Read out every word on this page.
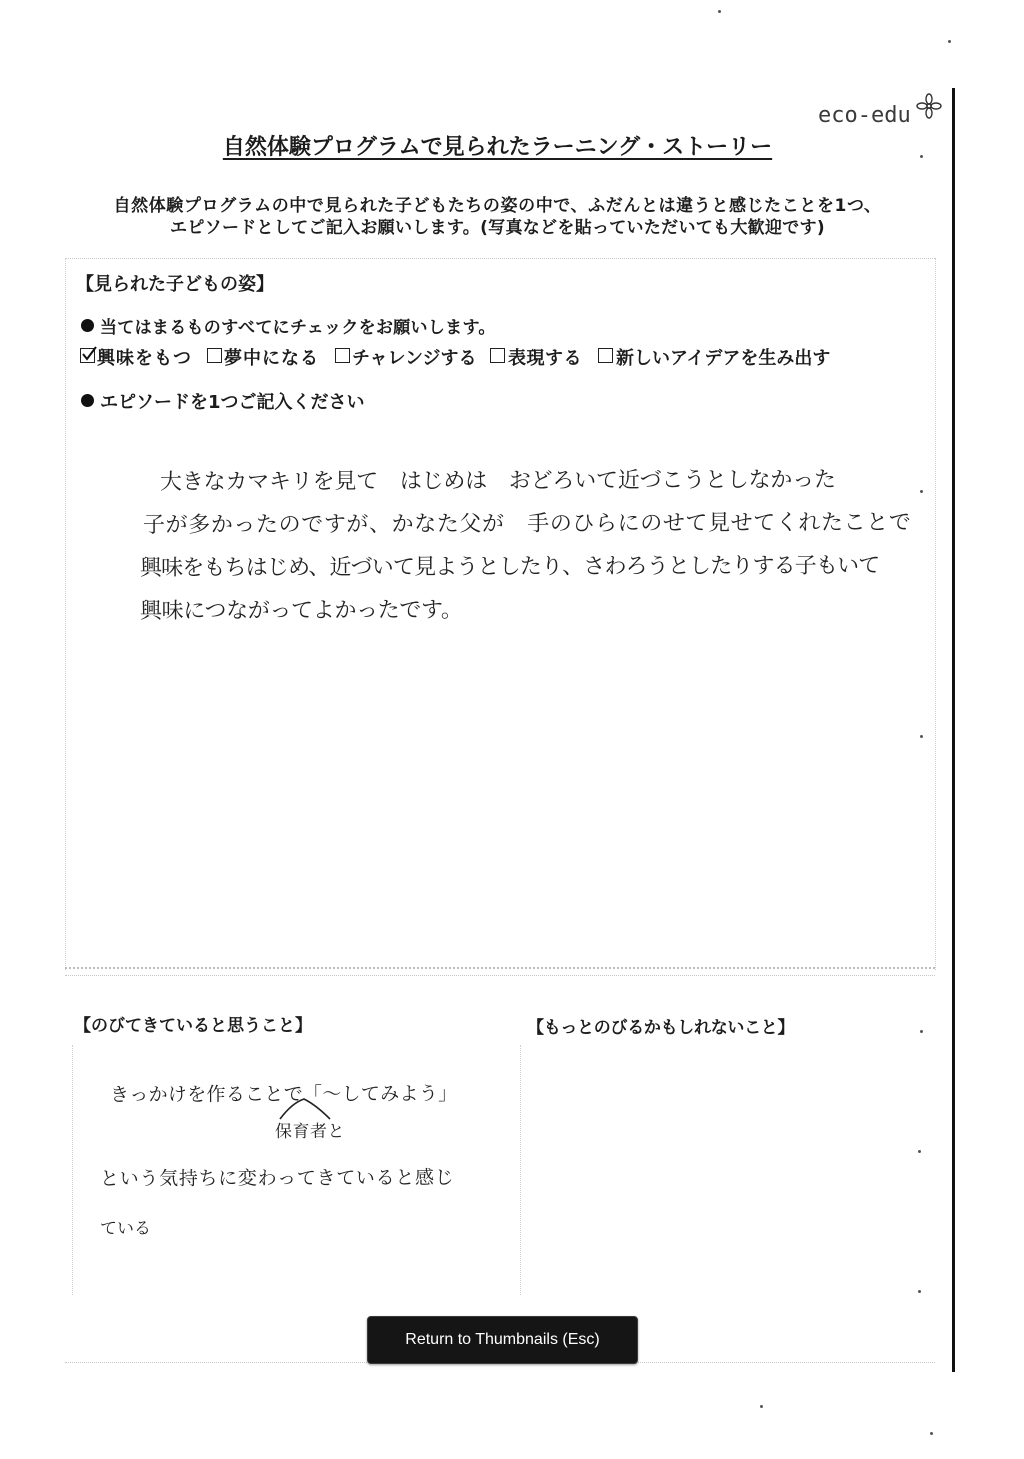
eco-edu
自然体験プログラムで見られたラーニング・ストーリー
自然体験プログラムの中で見られた子どもたちの姿の中で、ふだんとは違うと感じたことを1つ、
エピソードとしてご記入お願いします。(写真などを貼っていただいても大歓迎です)
【見られた子どもの姿】
当てはまるものすべてにチェックをお願いします。
興味をもつ 夢中になる チャレンジする 表現する 新しいアイデアを生み出す
エピソードを1つご記入ください
大きなカマキリを見て　はじめは　おどろいて近づこうとしなかった
子が多かったのですが、かなた父が　手のひらにのせて見せてくれたことで
興味をもちはじめ、近づいて見ようとしたり、さわろうとしたりする子もいて
興味につながってよかったです。
【のびてきていると思うこと】	【もっとのびるかもしれないこと】
きっかけを作ることで「〜してみよう」
保育者と
という気持ちに変わってきていると感じ
ている
Return to Thumbnails (Esc)
